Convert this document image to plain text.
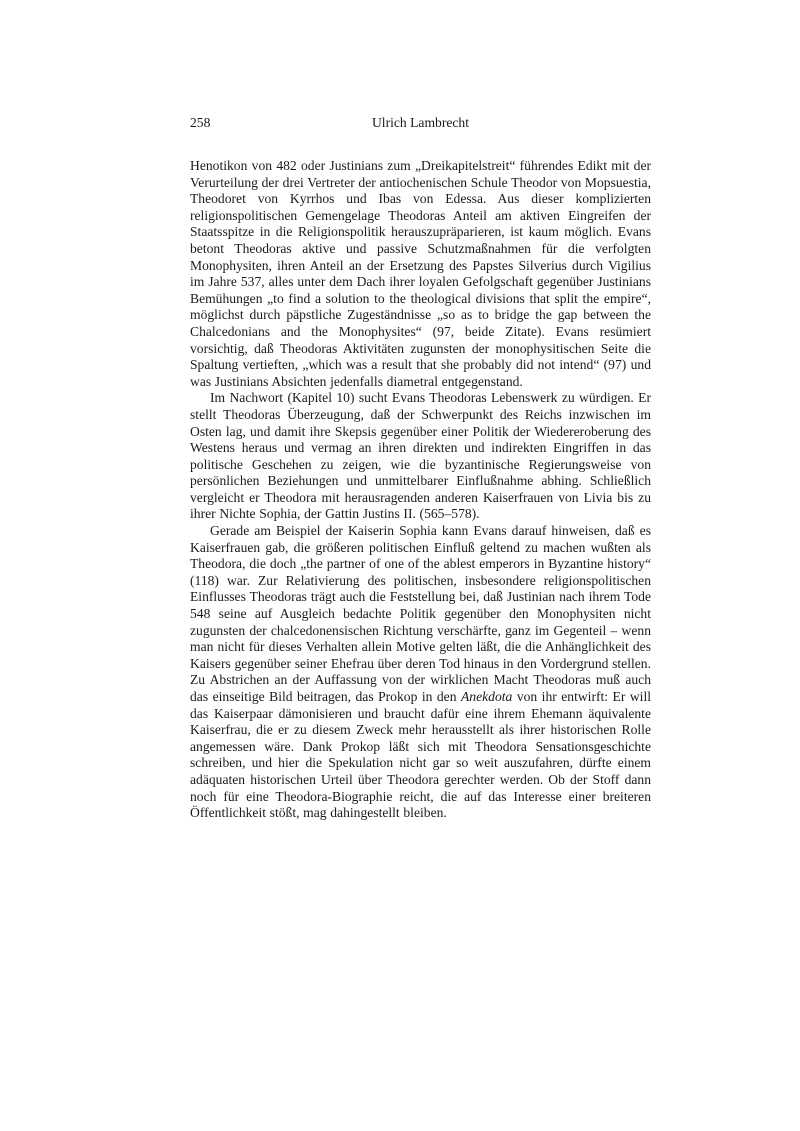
258	Ulrich Lambrecht

Henotikon von 482 oder Justinians zum „Dreikapitelstreit“ führendes Edikt mit der Verurteilung der drei Vertreter der antiochenischen Schule Theodor von Mopsuestia, Theodoret von Kyrrhos und Ibas von Edessa. Aus dieser komplizierten religionspolitischen Gemengelage Theodoras Anteil am aktiven Eingreifen der Staatsspitze in die Religionspolitik herauszupräparieren, ist kaum möglich. Evans betont Theodoras aktive und passive Schutzmaßnahmen für die verfolgten Monophysiten, ihren Anteil an der Ersetzung des Papstes Silverius durch Vigilius im Jahre 537, alles unter dem Dach ihrer loyalen Gefolgschaft gegenüber Justinians Bemühungen „to find a solution to the theological divisions that split the empire“, möglichst durch päpstliche Zugeständnisse „so as to bridge the gap between the Chalcedonians and the Monophysites“ (97, beide Zitate). Evans resümiert vorsichtig, daß Theodoras Aktivitäten zugunsten der monophysitischen Seite die Spaltung vertieften, „which was a result that she probably did not intend“ (97) und was Justinians Absichten jedenfalls diametral entgegenstand.

Im Nachwort (Kapitel 10) sucht Evans Theodoras Lebenswerk zu würdigen. Er stellt Theodoras Überzeugung, daß der Schwerpunkt des Reichs inzwischen im Osten lag, und damit ihre Skepsis gegenüber einer Politik der Wiedereroberung des Westens heraus und vermag an ihren direkten und indirekten Eingriffen in das politische Geschehen zu zeigen, wie die byzantinische Regierungsweise von persönlichen Beziehungen und unmittelbarer Einflußnahme abhing. Schließlich vergleicht er Theodora mit herausragenden anderen Kaiserfrauen von Livia bis zu ihrer Nichte Sophia, der Gattin Justins II. (565–578).

Gerade am Beispiel der Kaiserin Sophia kann Evans darauf hinweisen, daß es Kaiserfrauen gab, die größeren politischen Einfluß geltend zu machen wußten als Theodora, die doch „the partner of one of the ablest emperors in Byzantine history“ (118) war. Zur Relativierung des politischen, insbesondere religionspolitischen Einflusses Theodoras trägt auch die Feststellung bei, daß Justinian nach ihrem Tode 548 seine auf Ausgleich bedachte Politik gegenüber den Monophysiten nicht zugunsten der chalcedonensischen Richtung verschärfte, ganz im Gegenteil – wenn man nicht für dieses Verhalten allein Motive gelten läßt, die die Anhänglichkeit des Kaisers gegenüber seiner Ehefrau über deren Tod hinaus in den Vordergrund stellen. Zu Abstrichen an der Auffassung von der wirklichen Macht Theodoras muß auch das einseitige Bild beitragen, das Prokop in den Anekdota von ihr entwirft: Er will das Kaiserpaar dämonisieren und braucht dafür eine ihrem Ehemann äquivalente Kaiserfrau, die er zu diesem Zweck mehr herausstellt als ihrer historischen Rolle angemessen wäre. Dank Prokop läßt sich mit Theodora Sensationsgeschichte schreiben, und hier die Spekulation nicht gar so weit auszufahren, dürfte einem adäquaten historischen Urteil über Theodora gerechter werden. Ob der Stoff dann noch für eine Theodora-Biographie reicht, die auf das Interesse einer breiteren Öffentlichkeit stößt, mag dahingestellt bleiben.
